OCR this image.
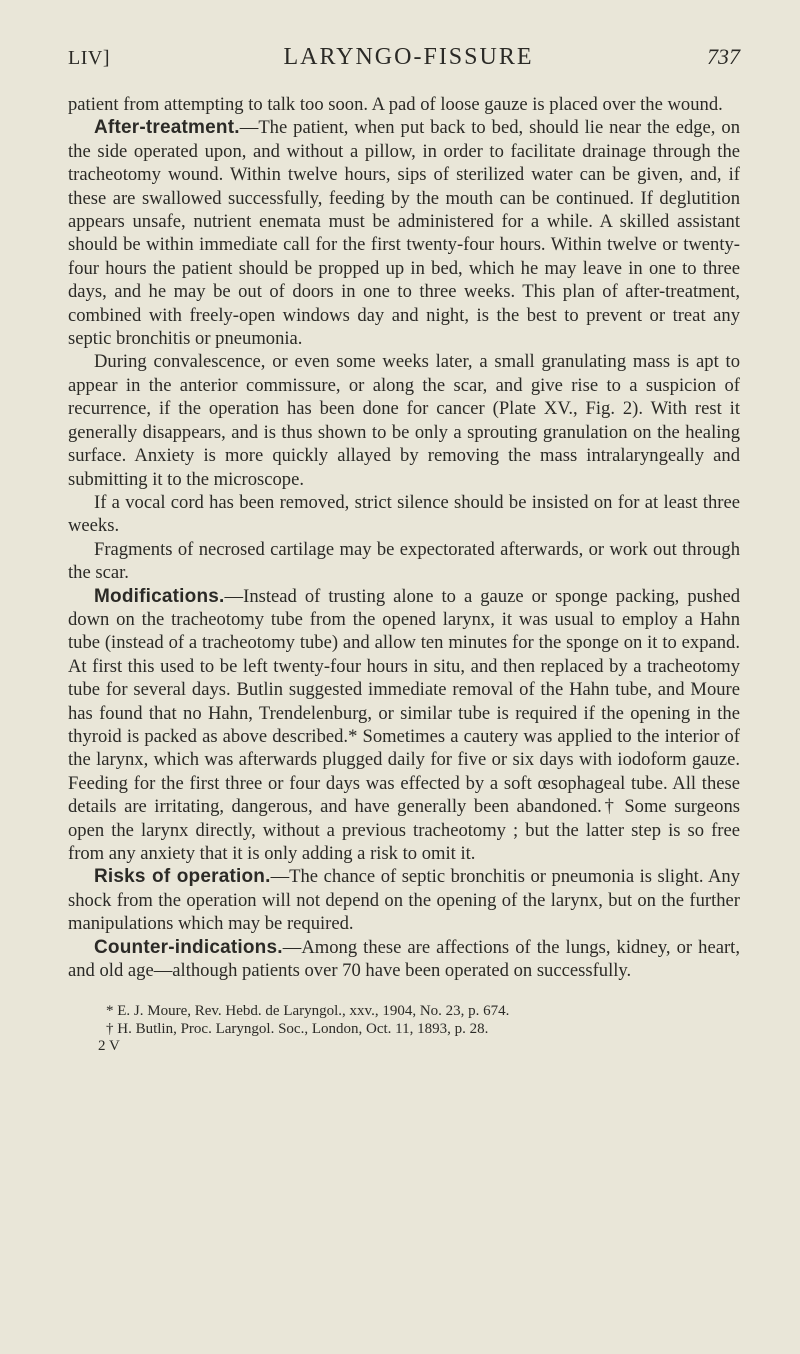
LIV]	LARYNGO-FISSURE	737

patient from attempting to talk too soon. A pad of loose gauze is placed over the wound.

After-treatment.—The patient, when put back to bed, should lie near the edge, on the side operated upon, and without a pillow, in order to facilitate drainage through the tracheotomy wound. Within twelve hours, sips of sterilized water can be given, and, if these are swallowed successfully, feeding by the mouth can be continued. If deglutition appears unsafe, nutrient enemata must be administered for a while. A skilled assistant should be within immediate call for the first twenty-four hours. Within twelve or twenty-four hours the patient should be propped up in bed, which he may leave in one to three days, and he may be out of doors in one to three weeks. This plan of after-treatment, combined with freely-open windows day and night, is the best to prevent or treat any septic bronchitis or pneumonia.

During convalescence, or even some weeks later, a small granulating mass is apt to appear in the anterior commissure, or along the scar, and give rise to a suspicion of recurrence, if the operation has been done for cancer (Plate XV., Fig. 2). With rest it generally disappears, and is thus shown to be only a sprouting granulation on the healing surface. Anxiety is more quickly allayed by removing the mass intralaryngeally and submitting it to the microscope.

If a vocal cord has been removed, strict silence should be insisted on for at least three weeks.

Fragments of necrosed cartilage may be expectorated afterwards, or work out through the scar.

Modifications.—Instead of trusting alone to a gauze or sponge packing, pushed down on the tracheotomy tube from the opened larynx, it was usual to employ a Hahn tube (instead of a tracheotomy tube) and allow ten minutes for the sponge on it to expand. At first this used to be left twenty-four hours in situ, and then replaced by a tracheotomy tube for several days. Butlin suggested immediate removal of the Hahn tube, and Moure has found that no Hahn, Trendelenburg, or similar tube is required if the opening in the thyroid is packed as above described.* Sometimes a cautery was applied to the interior of the larynx, which was afterwards plugged daily for five or six days with iodoform gauze. Feeding for the first three or four days was effected by a soft œsophageal tube. All these details are irritating, dangerous, and have generally been abandoned.† Some surgeons open the larynx directly, without a previous tracheotomy ; but the latter step is so free from any anxiety that it is only adding a risk to omit it.

Risks of operation.—The chance of septic bronchitis or pneumonia is slight. Any shock from the operation will not depend on the opening of the larynx, but on the further manipulations which may be required.

Counter-indications.—Among these are affections of the lungs, kidney, or heart, and old age—although patients over 70 have been operated on successfully.

* E. J. Moure, Rev. Hebd. de Laryngol., xxv., 1904, No. 23, p. 674.

† H. Butlin, Proc. Laryngol. Soc., London, Oct. 11, 1893, p. 28.

2 V
